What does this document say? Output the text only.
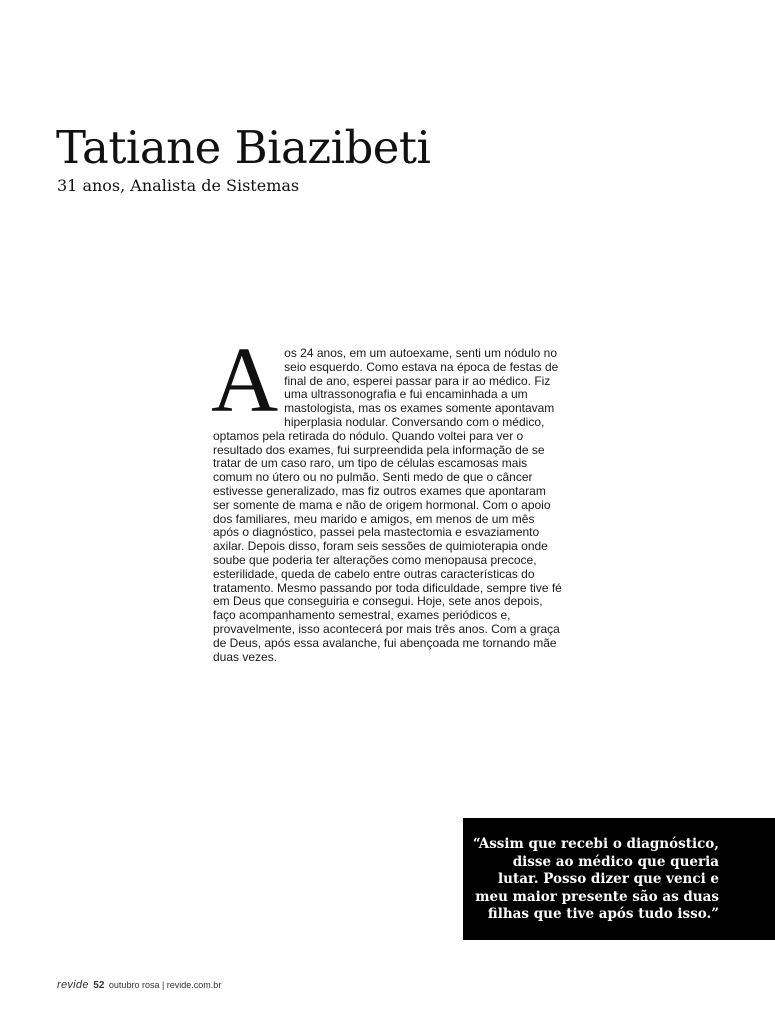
Tatiane Biazibeti

31 anos, Analista de Sistemas

A os 24 anos, em um autoexame, senti um nódulo no seio esquerdo. Como estava na época de festas de final de ano, esperei passar para ir ao médico. Fiz uma ultrassonografia e fui encaminhada a um mastologista, mas os exames somente apontavam hiperplasia nodular. Conversando com o médico, optamos pela retirada do nódulo. Quando voltei para ver o resultado dos exames, fui surpreendida pela informação de se tratar de um caso raro, um tipo de células escamosas mais comum no útero ou no pulmão. Senti medo de que o câncer estivesse generalizado, mas fiz outros exames que apontaram ser somente de mama e não de origem hormonal. Com o apoio dos familiares, meu marido e amigos, em menos de um mês após o diagnóstico, passei pela mastectomia e esvaziamento axilar. Depois disso, foram seis sessões de quimioterapia onde soube que poderia ter alterações como menopausa precoce, esterilidade, queda de cabelo entre outras características do tratamento. Mesmo passando por toda dificuldade, sempre tive fé em Deus que conseguiria e consegui. Hoje, sete anos depois, faço acompanhamento semestral, exames periódicos e, provavelmente, isso acontecerá por mais três anos. Com a graça de Deus, após essa avalanche, fui abençoada me tornando mãe duas vezes.

“Assim que recebi o diagnóstico, disse ao médico que queria lutar. Posso dizer que venci e meu maior presente são as duas filhas que tive após tudo isso.”

revide 52 outubro rosa | revide.com.br
